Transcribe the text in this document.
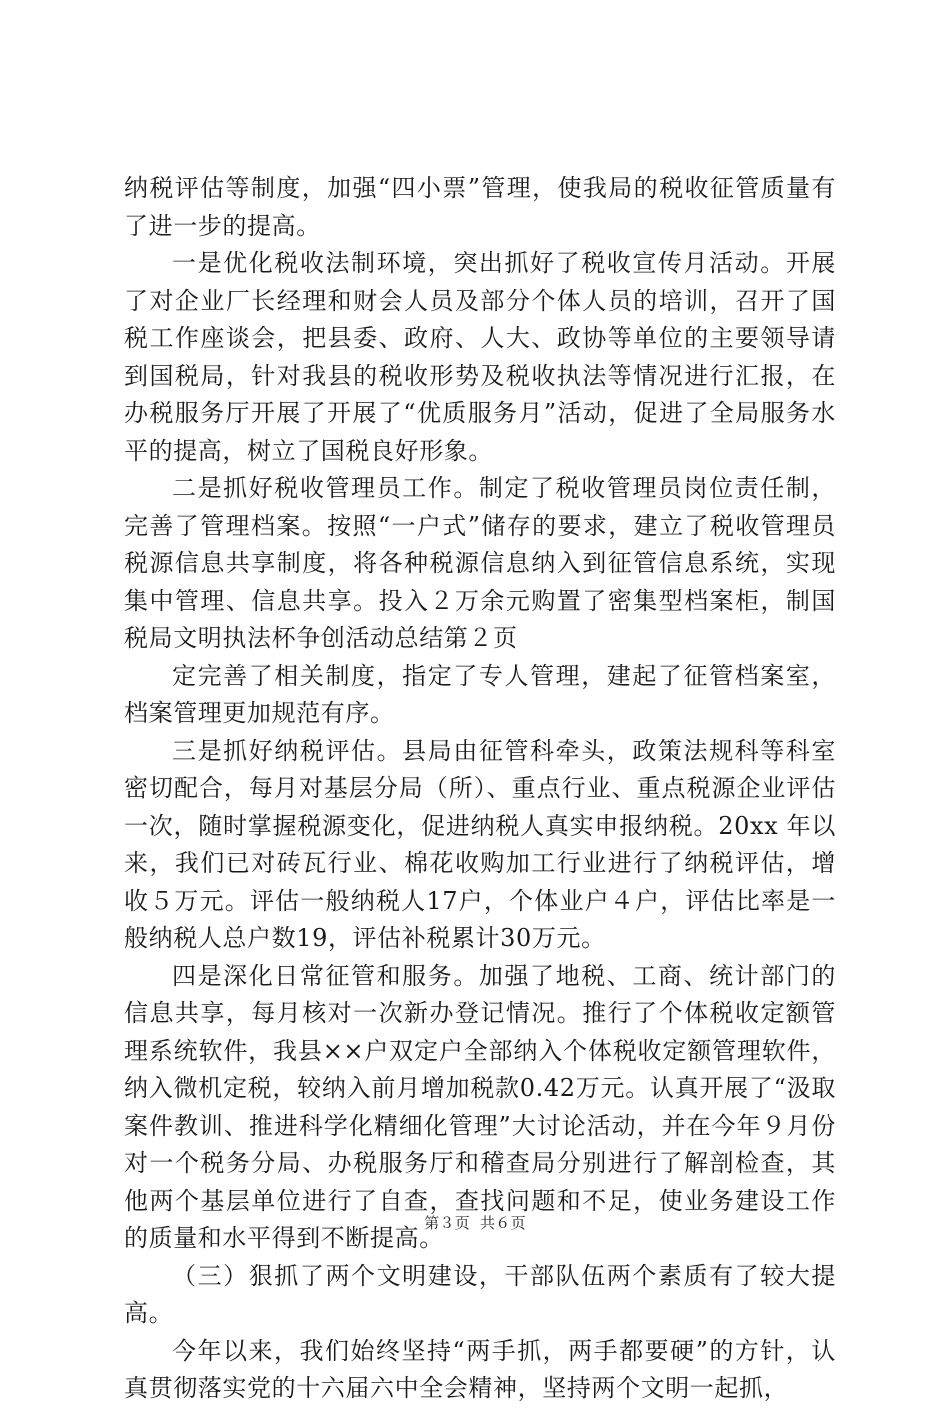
纳税评估等制度，加强“四小票”管理，使我局的税收征管质量有了进一步的提高。

一是优化税收法制环境，突出抓好了税收宣传月活动。开展了对企业厂长经理和财会人员及部分个体人员的培训，召开了国税工作座谈会，把县委、政府、人大、政协等单位的主要领导请到国税局，针对我县的税收形势及税收执法等情况进行汇报，在办税服务厅开展了开展了“优质服务月”活动，促进了全局服务水平的提高，树立了国税良好形象。

二是抓好税收管理员工作。制定了税收管理员岗位责任制，完善了管理档案。按照“一户式”储存的要求，建立了税收管理员税源信息共享制度，将各种税源信息纳入到征管信息系统，实现集中管理、信息共享。投入２万余元购置了密集型档案柜，制国税局文明执法杯争创活动总结第２页

定完善了相关制度，指定了专人管理，建起了征管档案室，档案管理更加规范有序。

三是抓好纳税评估。县局由征管科牵头，政策法规科等科室密切配合，每月对基层分局（所）、重点行业、重点税源企业评估一次，随时掌握税源变化，促进纳税人真实申报纳税。20xx 年以来，我们已对砖瓦行业、棉花收购加工行业进行了纳税评估，增收５万元。评估一般纳税人17户，个体业户４户，评估比率是一般纳税人总户数19，评估补税累计30万元。

四是深化日常征管和服务。加强了地税、工商、统计部门的信息共享，每月核对一次新办登记情况。推行了个体税收定额管理系统软件，我县××户双定户全部纳入个体税收定额管理软件，纳入微机定税，较纳入前月增加税款0.42万元。认真开展了“汲取案件教训、推进科学化精细化管理”大讨论活动，并在今年９月份对一个税务分局、办税服务厅和稽查局分别进行了解剖检查，其他两个基层单位进行了自查，查找问题和不足，使业务建设工作的质量和水平得到不断提高。

（三）狠抓了两个文明建设，干部队伍两个素质有了较大提高。

今年以来，我们始终坚持“两手抓，两手都要硬”的方针，认真贯彻落实党的十六届六中全会精神，坚持两个文明一起抓，

第３页 共６页
